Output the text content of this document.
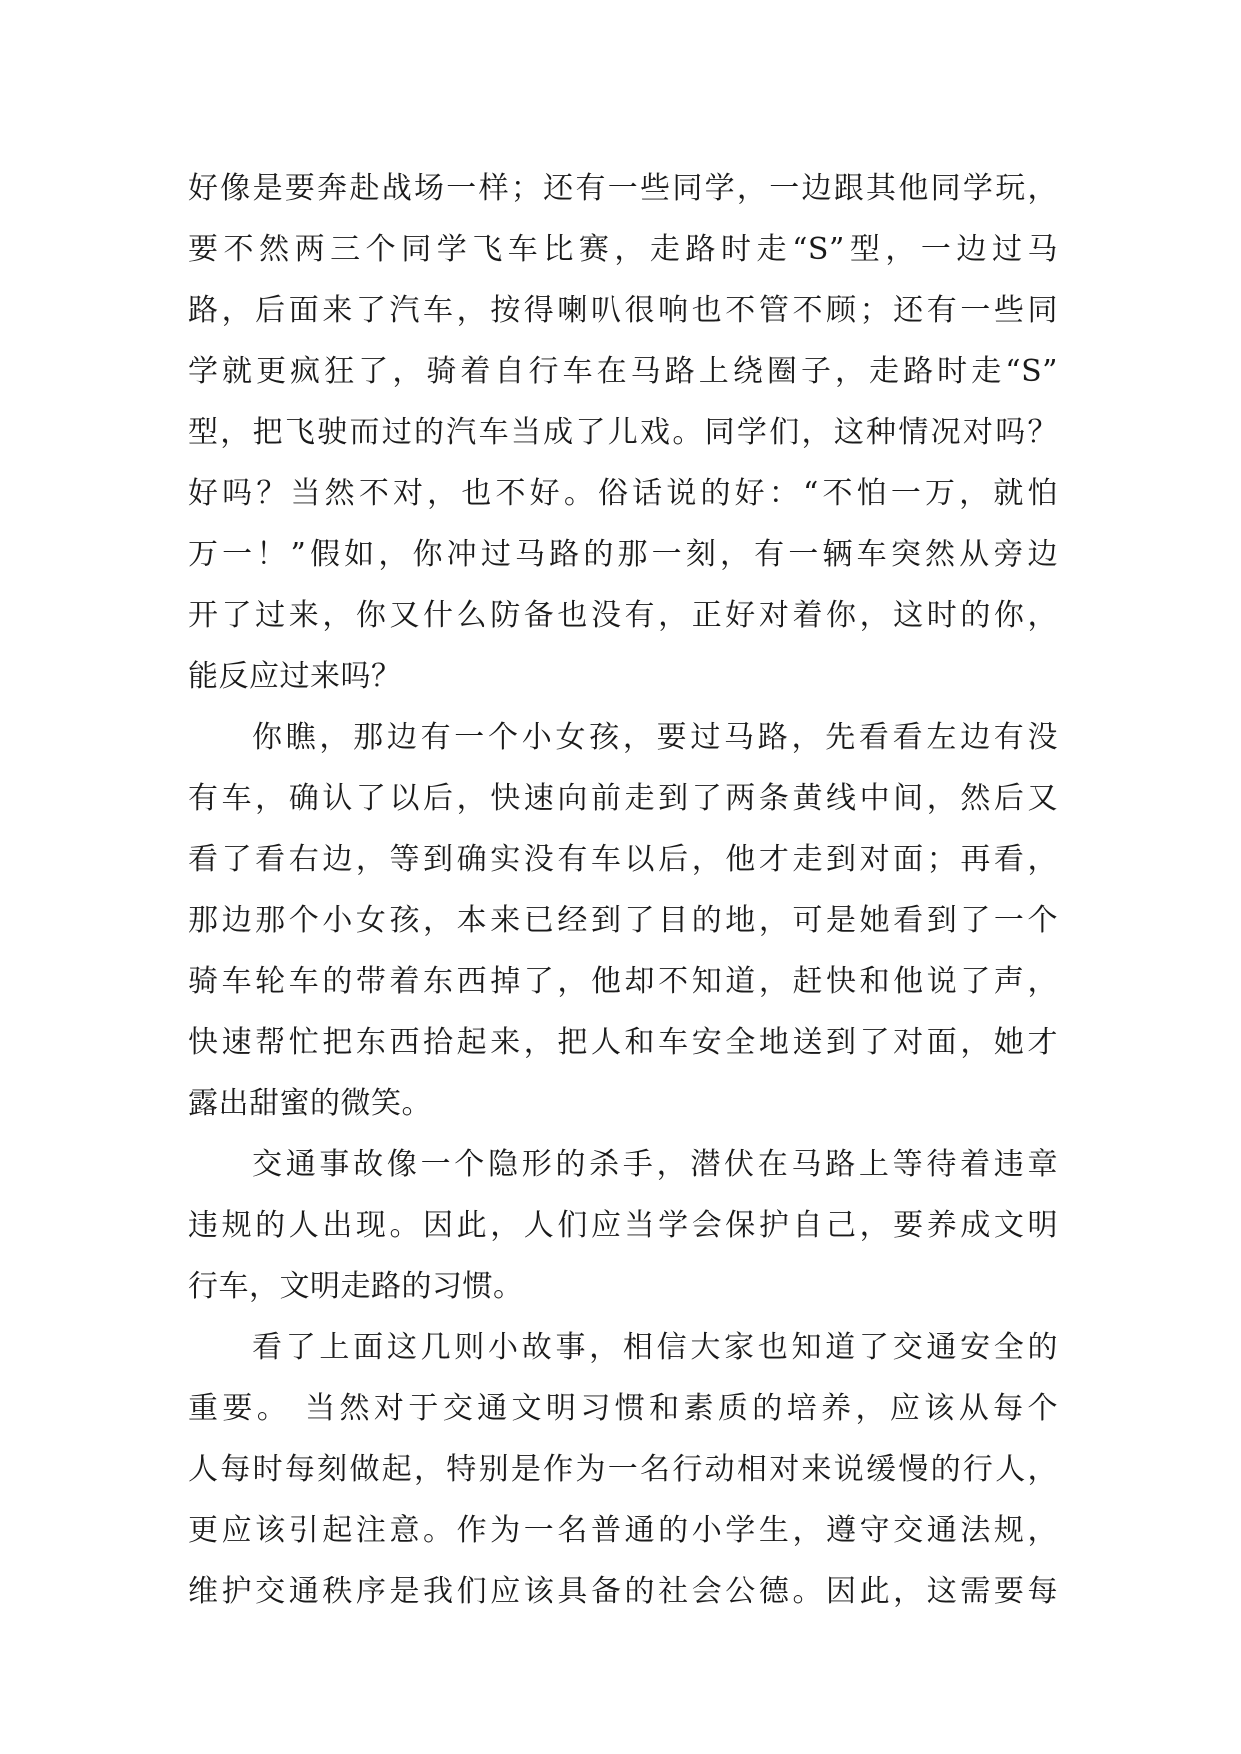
好像是要奔赴战场一样；还有一些同学，一边跟其他同学玩，
要不然两三个同学飞车比赛，走路时走“S”型，一边过马
路，后面来了汽车，按得喇叭很响也不管不顾；还有一些同
学就更疯狂了，骑着自行车在马路上绕圈子，走路时走“S”
型，把飞驶而过的汽车当成了儿戏。同学们，这种情况对吗？
好吗？当然不对，也不好。俗话说的好：“不怕一万，就怕
万一！”假如，你冲过马路的那一刻，有一辆车突然从旁边
开了过来，你又什么防备也没有，正好对着你，这时的你，
能反应过来吗？
你瞧，那边有一个小女孩，要过马路，先看看左边有没
有车，确认了以后，快速向前走到了两条黄线中间，然后又
看了看右边，等到确实没有车以后，他才走到对面；再看，
那边那个小女孩，本来已经到了目的地，可是她看到了一个
骑车轮车的带着东西掉了，他却不知道，赶快和他说了声，
快速帮忙把东西拾起来，把人和车安全地送到了对面，她才
露出甜蜜的微笑。
交通事故像一个隐形的杀手，潜伏在马路上等待着违章
违规的人出现。因此，人们应当学会保护自己，要养成文明
行车，文明走路的习惯。
看了上面这几则小故事，相信大家也知道了交通安全的
重要。 当然对于交通文明习惯和素质的培养，应该从每个
人每时每刻做起，特别是作为一名行动相对来说缓慢的行人，
更应该引起注意。作为一名普通的小学生，遵守交通法规，
维护交通秩序是我们应该具备的社会公德。因此，这需要每
